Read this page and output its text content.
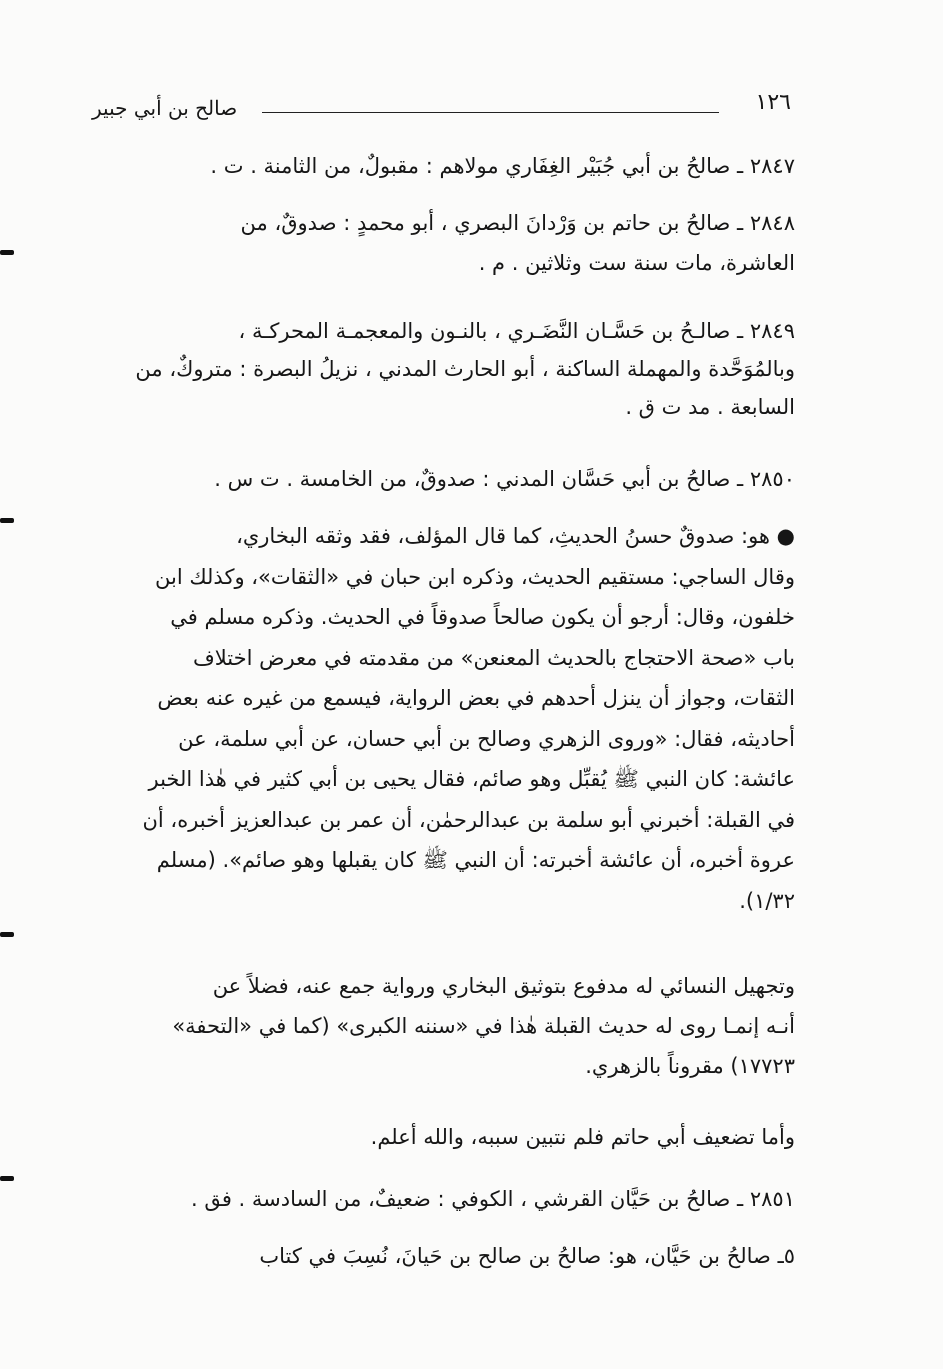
١٢٦
صالح بن أبي جبير
٢٨٤٧ ـ صالحُ بن أبي جُبَيْر الغِفَاري مولاهم : مقبولٌ، من الثامنة . ت .
٢٨٤٨ ـ صالحُ بن حاتم بن وَرْدانَ البصري ، أبو محمدٍ : صدوقٌ، من
العاشرة، مات سنة ست وثلاثين . م .
٢٨٤٩ ـ صالـحُ بن حَسَّـان النَّضَـري ، بالنـون والمعجمـة المحركـة ،
وبالمُوَحَّدة والمهملة الساكنة ، أبو الحارث المدني ، نزيلُ البصرة : متروكٌ، من
السابعة . مد ت ق .
٢٨٥٠ ـ صالحُ بن أبي حَسَّان المدني : صدوقٌ، من الخامسة . ت س .
● هو: صدوقٌ حسنُ الحديثِ، كما قال المؤلف، فقد وثقه البخاري،
وقال الساجي: مستقيم الحديث، وذكره ابن حبان في «الثقات»، وكذلك ابن
خلفون، وقال: أرجو أن يكون صالحاً صدوقاً في الحديث. وذكره مسلم في
باب «صحة الاحتجاج بالحديث المعنعن» من مقدمته في معرض اختلاف
الثقات، وجواز أن ينزل أحدهم في بعض الرواية، فيسمع من غيره عنه بعض
أحاديثه، فقال: «وروى الزهري وصالح بن أبي حسان، عن أبي سلمة، عن
عائشة: كان النبي ﷺ يُقبِّل وهو صائم، فقال يحيى بن أبي كثير في هٰذا الخبر
في القبلة: أخبرني أبو سلمة بن عبدالرحمٰن، أن عمر بن عبدالعزيز أخبره، أن
عروة أخبره، أن عائشة أخبرته: أن النبي ﷺ كان يقبلها وهو صائم». (مسلم
١/٣٢).
وتجهيل النسائي له مدفوع بتوثيق البخاري ورواية جمع عنه، فضلاً عن
أنـه إنمـا روى له حديث القبلة هٰذا في «سننه الكبرى» (كما في «التحفة»
١٧٧٢٣) مقروناً بالزهري.
وأما تضعيف أبي حاتم فلم نتبين سببه، والله أعلم.
٢٨٥١ ـ صالحُ بن حَيَّان القرشي ، الكوفي : ضعيفٌ، من السادسة . فق .
٥ـ صالحُ بن حَيَّان، هو: صالحُ بن صالح بن حَيانَ، نُسِبَ في كتاب
